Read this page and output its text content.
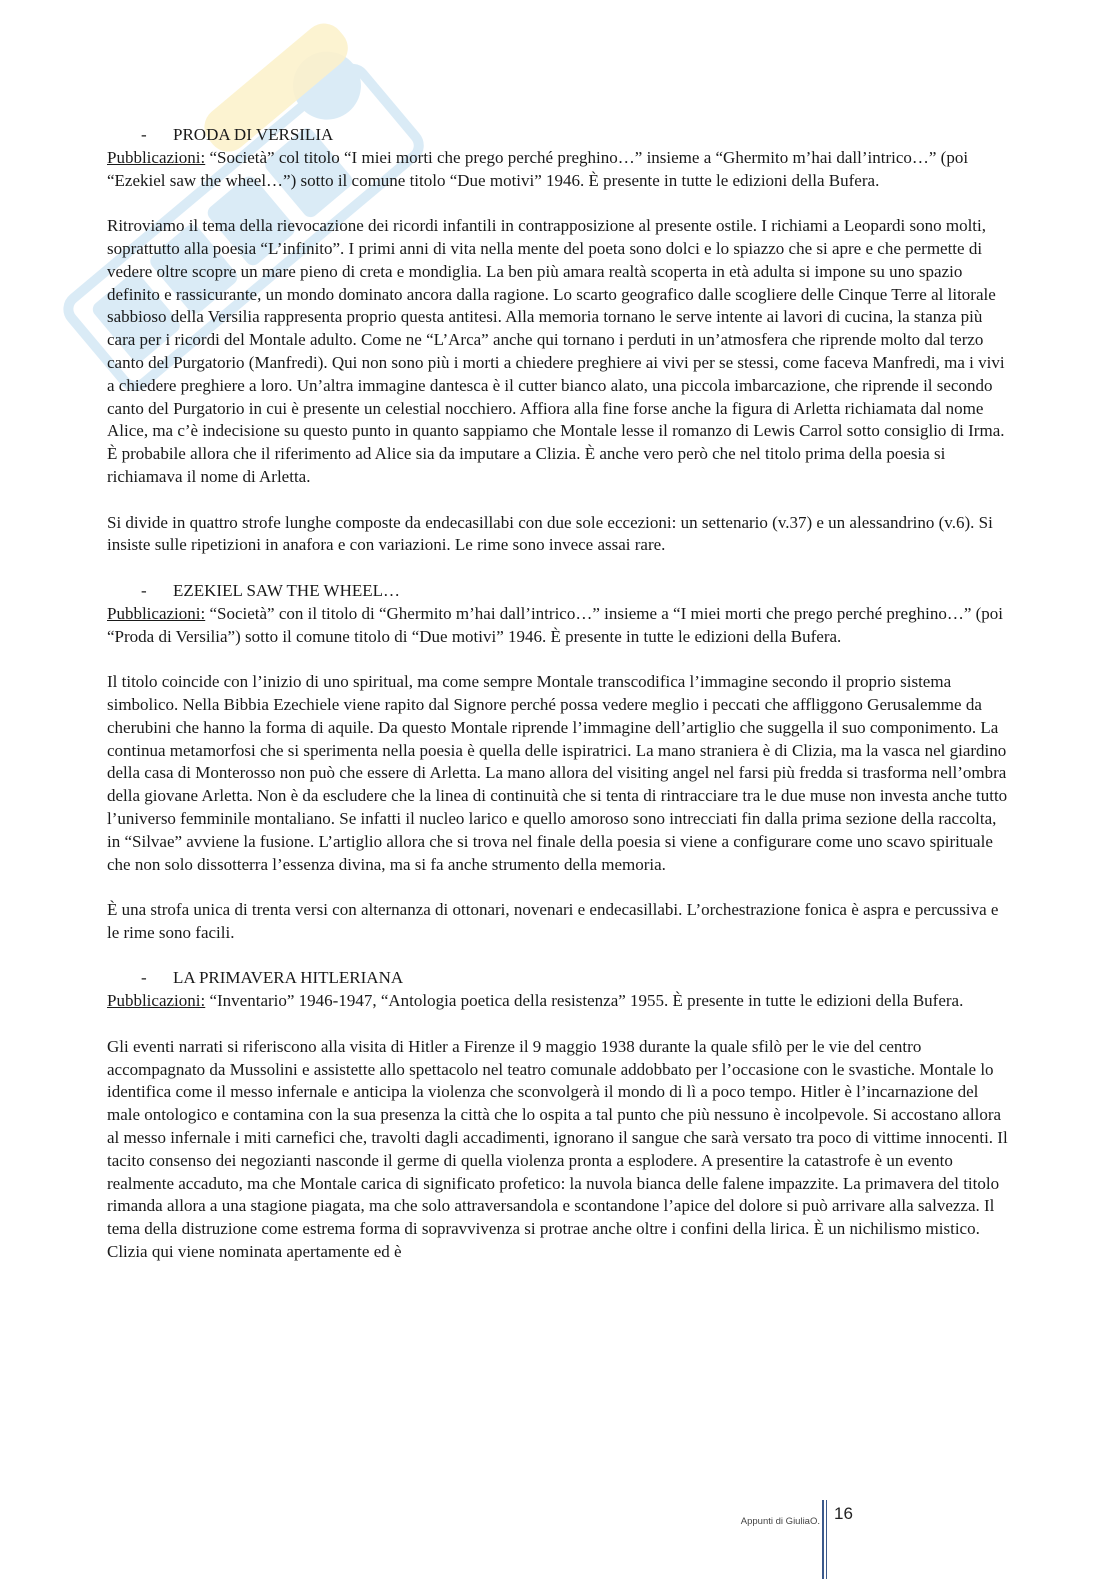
- PRODA DI VERSILIA

Pubblicazioni: “Società” col titolo “I miei morti che prego perché preghino…” insieme a “Ghermito m’hai dall’intrico…” (poi “Ezekiel saw the wheel…”) sotto il comune titolo “Due motivi” 1946. È presente in tutte le edizioni della Bufera.

Ritroviamo il tema della rievocazione dei ricordi infantili in contrapposizione al presente ostile. I richiami a Leopardi sono molti, soprattutto alla poesia “L’infinito”. I primi anni di vita nella mente del poeta sono dolci e lo spiazzo che si apre e che permette di vedere oltre scopre un mare pieno di creta e mondiglia. La ben più amara realtà scoperta in età adulta si impone su uno spazio definito e rassicurante, un mondo dominato ancora dalla ragione. Lo scarto geografico dalle scogliere delle Cinque Terre al litorale sabbioso della Versilia rappresenta proprio questa antitesi. Alla memoria tornano le serve intente ai lavori di cucina, la stanza più cara per i ricordi del Montale adulto. Come ne “L’Arca” anche qui tornano i perduti in un’atmosfera che riprende molto dal terzo canto del Purgatorio (Manfredi). Qui non sono più i morti a chiedere preghiere ai vivi per se stessi, come faceva Manfredi, ma i vivi a chiedere preghiere a loro. Un’altra immagine dantesca è il cutter bianco alato, una piccola imbarcazione, che riprende il secondo canto del Purgatorio in cui è presente un celestial nocchiero. Affiora alla fine forse anche la figura di Arletta richiamata dal nome Alice, ma c’è indecisione su questo punto in quanto sappiamo che Montale lesse il romanzo di Lewis Carrol sotto consiglio di Irma. È probabile allora che il riferimento ad Alice sia da imputare a Clizia. È anche vero però che nel titolo prima della poesia si richiamava il nome di Arletta.

Si divide in quattro strofe lunghe composte da endecasillabi con due sole eccezioni: un settenario (v.37) e un alessandrino (v.6). Si insiste sulle ripetizioni in anafora e con variazioni. Le rime sono invece assai rare.

- EZEKIEL SAW THE WHEEL…

Pubblicazioni: “Società” con il titolo di “Ghermito m’hai dall’intrico…” insieme a “I miei morti che prego perché preghino…” (poi “Proda di Versilia”) sotto il comune titolo di “Due motivi” 1946. È presente in tutte le edizioni della Bufera.

Il titolo coincide con l’inizio di uno spiritual, ma come sempre Montale transcodifica l’immagine secondo il proprio sistema simbolico. Nella Bibbia Ezechiele viene rapito dal Signore perché possa vedere meglio i peccati che affliggono Gerusalemme da cherubini che hanno la forma di aquile. Da questo Montale riprende l’immagine dell’artiglio che suggella il suo componimento. La continua metamorfosi che si sperimenta nella poesia è quella delle ispiratrici. La mano straniera è di Clizia, ma la vasca nel giardino della casa di Monterosso non può che essere di Arletta. La mano allora del visiting angel nel farsi più fredda si trasforma nell’ombra della giovane Arletta. Non è da escludere che la linea di continuità che si tenta di rintracciare tra le due muse non investa anche tutto l’universo femminile montaliano. Se infatti il nucleo larico e quello amoroso sono intrecciati fin dalla prima sezione della raccolta, in “Silvae” avviene la fusione. L’artiglio allora che si trova nel finale della poesia si viene a configurare come uno scavo spirituale che non solo dissotterra l’essenza divina, ma si fa anche strumento della memoria.

È una strofa unica di trenta versi con alternanza di ottonari, novenari e endecasillabi. L’orchestrazione fonica è aspra e percussiva e le rime sono facili.

- LA PRIMAVERA HITLERIANA

Pubblicazioni: “Inventario” 1946-1947, “Antologia poetica della resistenza” 1955. È presente in tutte le edizioni della Bufera.

Gli eventi narrati si riferiscono alla visita di Hitler a Firenze il 9 maggio 1938 durante la quale sfilò per le vie del centro accompagnato da Mussolini e assistette allo spettacolo nel teatro comunale addobbato per l’occasione con le svastiche. Montale lo identifica come il messo infernale e anticipa la violenza che sconvolgerà il mondo di lì a poco tempo. Hitler è l’incarnazione del male ontologico e contamina con la sua presenza la città che lo ospita a tal punto che più nessuno è incolpevole. Si accostano allora al messo infernale i miti carnefici che, travolti dagli accadimenti, ignorano il sangue che sarà versato tra poco di vittime innocenti. Il tacito consenso dei negozianti nasconde il germe di quella violenza pronta a esplodere. A presentire la catastrofe è un evento realmente accaduto, ma che Montale carica di significato profetico: la nuvola bianca delle falene impazzite. La primavera del titolo rimanda allora a una stagione piagata, ma che solo attraversandola e scontandone l’apice del dolore si può arrivare alla salvezza. Il tema della distruzione come estrema forma di sopravvivenza si protrae anche oltre i confini della lirica. È un nichilismo mistico. Clizia qui viene nominata apertamente ed è

Appunti di GiuliaO. 16
